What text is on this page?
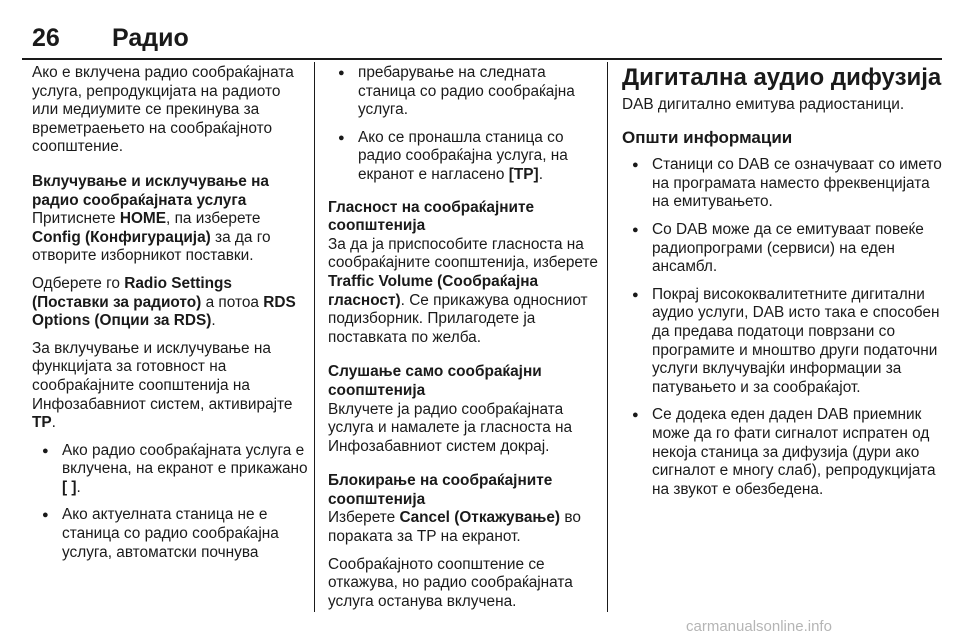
26 Радио

Ако е вклучена радио сообраќајната услуга, репродукцијата на радиото или медиумите се прекинува за времетраењето на сообраќајното соопштение.

Вклучување и исклучување на радио сообраќајната услуга

Притиснете HOME, па изберете Config (Конфигурација) за да го отворите изборникот поставки.

Одберете го Radio Settings (Поставки за радиото) а потоа RDS Options (Опции за RDS).

За вклучување и исклучување на функцијата за готовност на сообраќајните соопштенија на Инфозабавниот систем, активирајте TP.

● Ако радио сообраќајната услуга е вклучена, на екранот е прикажано [ ].
● Ако актуелната станица не е станица со радио сообраќајна услуга, автоматски почнува
● пребарување на следната станица со радио сообраќајна услуга.
● Ако се пронашла станица со радио сообраќајна услуга, на екранот е нагласено [TP].
Гласност на сообраќајните соопштенија

За да ја приспособите гласноста на сообраќајните соопштенија, изберете Traffic Volume (Сообраќајна гласност). Се прикажува односниот подизборник. Прилагодете ја поставката по желба.

Слушање само сообраќајни соопштенија

Вклучете ја радио сообраќајната услуга и намалете ја гласноста на Инфозабавниот систем докрај.

Блокирање на сообраќајните соопштенија

Изберете Cancel (Откажување) во пораката за TP на екранот.

Сообраќајното соопштение се откажува, но радио сообраќајната услуга останува вклучена.

Дигитална аудио дифузија

DAB дигитално емитува радиостаници.

Општи информации
● Станици со DAB се означуваат со името на програмата наместо фреквенцијата на емитувањето.
● Со DAB може да се емитуваат повеќе радиопрограми (сервиси) на еден ансамбл.
● Покрај висококвалитетните дигитални аудио услуги, DAB исто така е способен да предава податоци поврзани со програмите и мноштво други податочни услуги вклучувајќи информации за патувањето и за сообраќајот.
● Се додека еден даден DAB приемник може да го фати сигналот испратен од некоја станица за дифузија (дури ако сигналот е многу слаб), репродукцијата на звукот е обезбедена.
carmanualsonline.info
